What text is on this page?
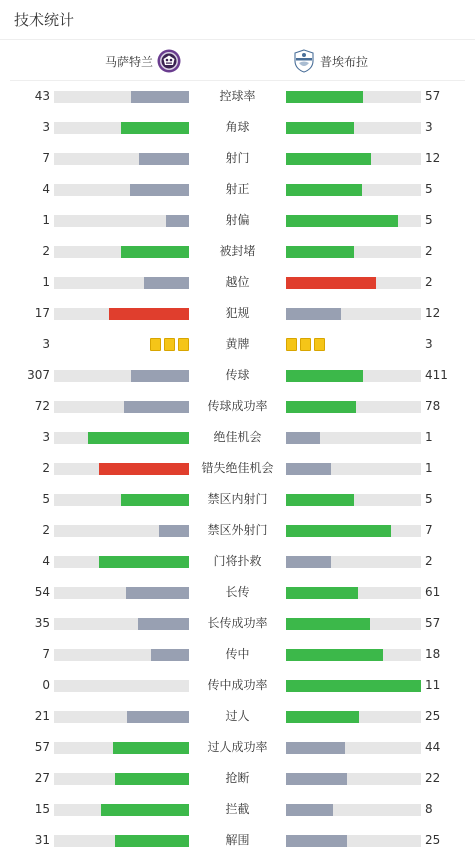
技术统计
马萨特兰	普埃布拉
43	控球率	57
3	角球	3
7	射门	12
4	射正	5
1	射偏	5
2	被封堵	2
1	越位	2
17	犯规	12
3	黄牌	3
307	传球	411
72	传球成功率	78
3	绝佳机会	1
2	错失绝佳机会	1
5	禁区内射门	5
2	禁区外射门	7
4	门将扑救	2
54	长传	61
35	长传成功率	57
7	传中	18
0	传中成功率	11
21	过人	25
57	过人成功率	44
27	抢断	22
15	拦截	8
31	解围	25
